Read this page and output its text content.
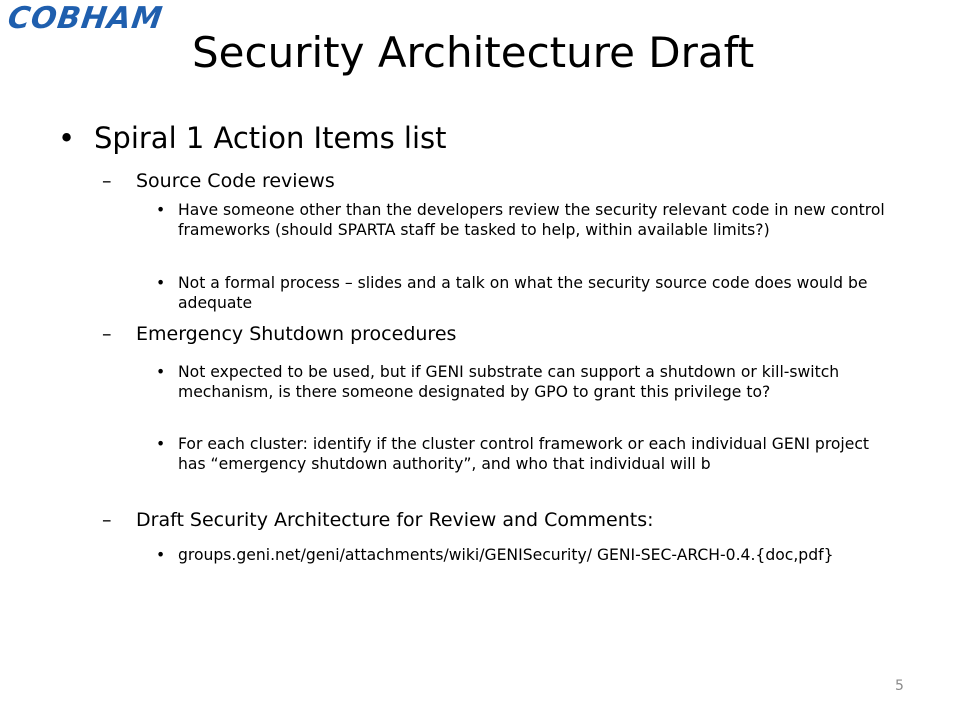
COBHAM
Security Architecture Draft
• Spiral 1 Action Items list
– Source Code reviews
• Have someone other than the developers review the security relevant code in new control frameworks (should SPARTA staff be tasked to help, within available limits?)
• Not a formal process – slides and a talk on what the security source code does would be adequate
– Emergency Shutdown procedures
• Not expected to be used, but if GENI substrate can support a shutdown or kill-switch mechanism, is there someone designated by GPO to grant this privilege to?
• For each cluster: identify if the cluster control framework or each individual GENI project has “emergency shutdown authority”, and who that individual will b
– Draft Security Architecture for Review and Comments:
• groups.geni.net/geni/attachments/wiki/GENISecurity/ GENI-SEC-ARCH-0.4.{doc,pdf}
5
